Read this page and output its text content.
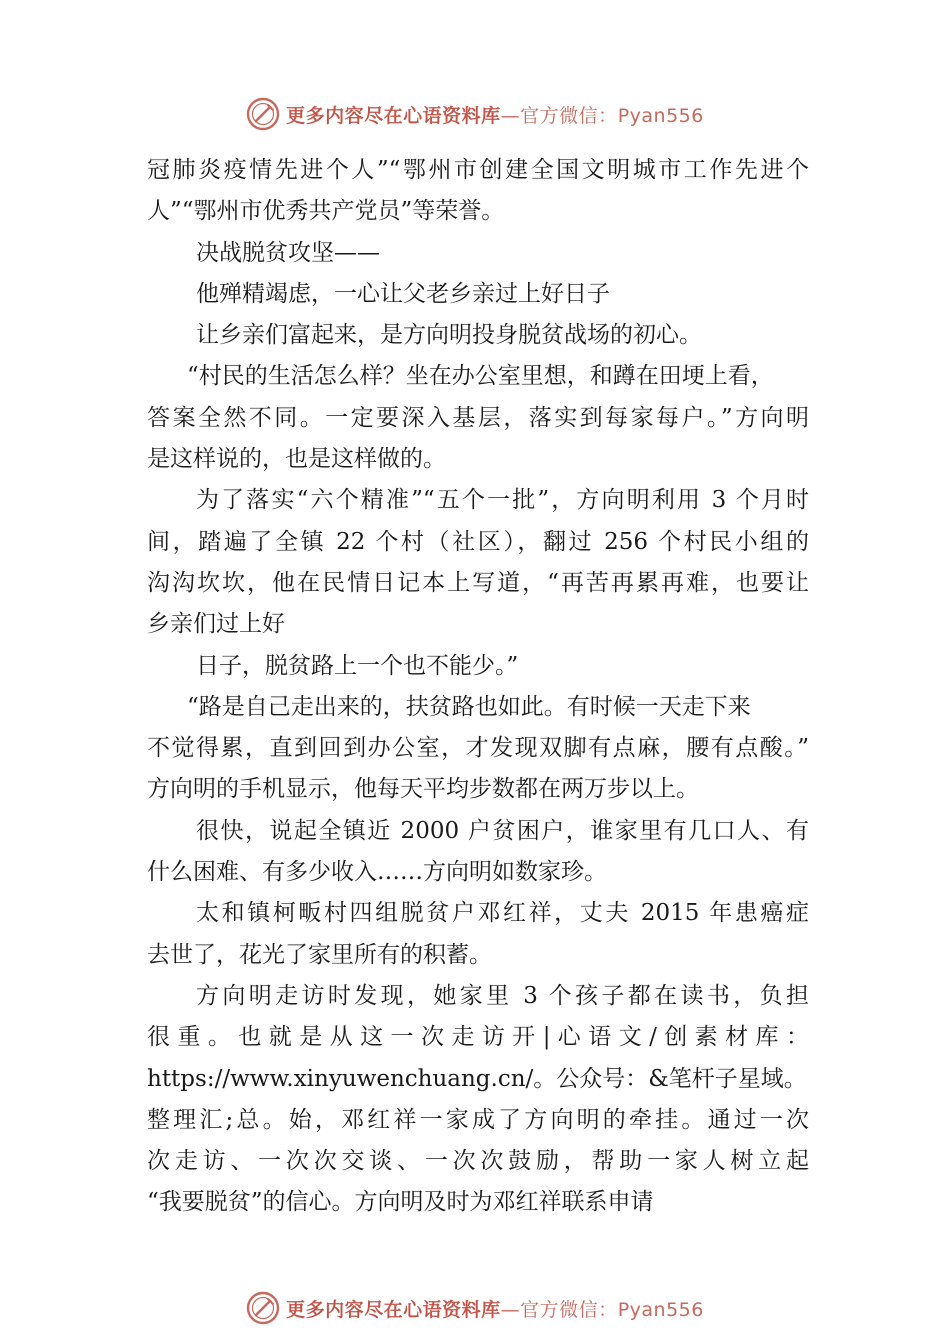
更多内容尽在心语资料库—官方微信：Pyan556
冠肺炎疫情先进个人”“鄂州市创建全国文明城市工作先进个
人”“鄂州市优秀共产党员”等荣誉。
决战脱贫攻坚——
他殚精竭虑，一心让父老乡亲过上好日子
让乡亲们富起来，是方向明投身脱贫战场的初心。
“村民的生活怎么样？坐在办公室里想，和蹲在田埂上看，
答案全然不同。一定要深入基层，落实到每家每户。”方向明
是这样说的，也是这样做的。
为了落实“六个精准”“五个一批”，方向明利用 3 个月时
间，踏遍了全镇 22 个村（社区），翻过 256 个村民小组的
沟沟坎坎，他在民情日记本上写道，“再苦再累再难，也要让
乡亲们过上好
日子，脱贫路上一个也不能少。”
“路是自己走出来的，扶贫路也如此。有时候一天走下来
不觉得累，直到回到办公室，才发现双脚有点麻，腰有点酸。”
方向明的手机显示，他每天平均步数都在两万步以上。
很快，说起全镇近 2000 户贫困户，谁家里有几口人、有
什么困难、有多少收入……方向明如数家珍。
太和镇柯畈村四组脱贫户邓红祥，丈夫 2015 年患癌症
去世了，花光了家里所有的积蓄。
方向明走访时发现，她家里 3 个孩子都在读书，负担
很 重 。 也 就 是 从 这 一 次 走 访 开 | 心 语 文 / 创 素 材 库 ：
https://www.xinyuwenchuang.cn/。公众号：&笔杆子星域。
整理汇;总。始，邓红祥一家成了方向明的牵挂。通过一次
次走访、一次次交谈、一次次鼓励，帮助一家人树立起
“我要脱贫”的信心。方向明及时为邓红祥联系申请
更多内容尽在心语资料库—官方微信：Pyan556
